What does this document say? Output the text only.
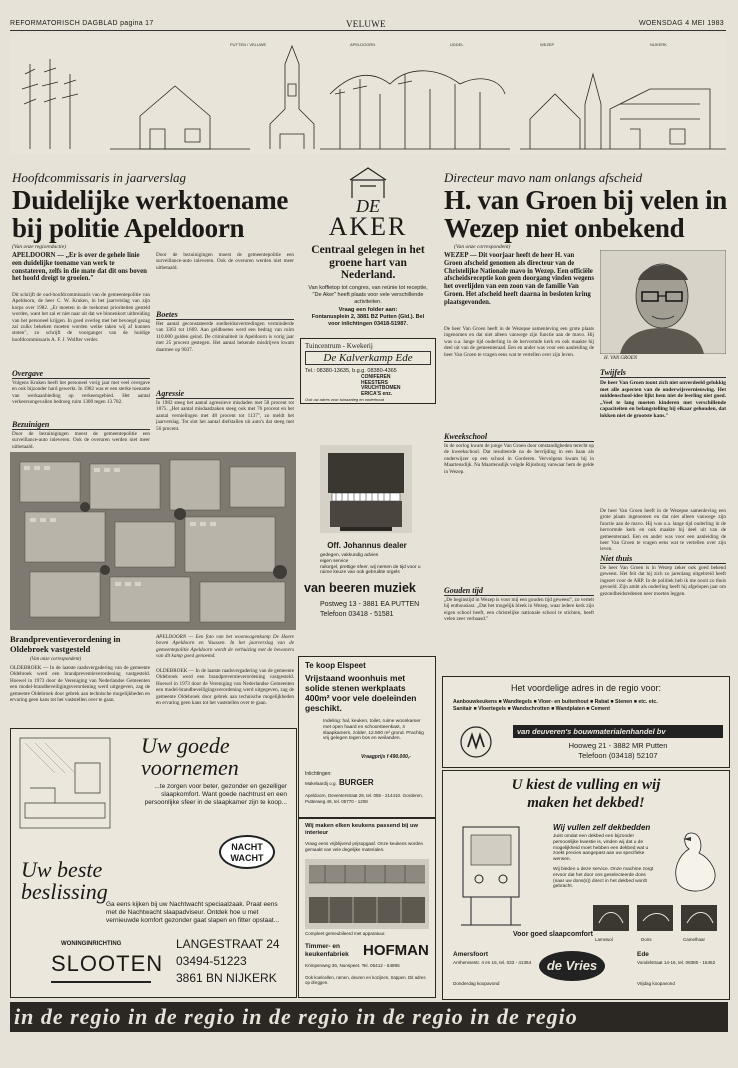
REFORMATORISCH DAGBLAD pagina 17	VELUWE	WOENSDAG 4 MEI 1983
PUTTEN / VELUWE	APELDOORN	UDDEL	WEZEP	NIJKERK
Hoofdcommissaris in jaarverslag
Duidelijke werktoename bij politie Apeldoorn
(Van onze regioredactie)
APELDOORN — „Er is over de gehele linie een duidelijke toename van werk te constateren, zelfs in die mate dat dit ons boven het hoofd dreigt te groeien."
Dit schrijft de oud-hoofdcommissaris van de gemeentepolitie van Apeldoorn, de heer C. W. Kruken, in het jaarverslag van zijn korps over 1982. „Er moeten in de toekomst prioriteiten gesteld worden, want het zal er niet naar uit dat we binnenkort uitbreiding van het personeel krijgen. In goed overleg met het bevoegd gezag zal zulks bekeken moeten worden welke taken wij af kunnen stoten", zo schrijft de voorganger van de huidige hoofdcommissaris A. F. J. Wolfter verder.
Overgave
Volgens Kruken heeft het personeel vorig jaar met veel overgave en ook bijzonder hard gewerkt. In 1982 was er een sterke toename van werkaanbieding op verkeersgebied. Het aantal verkeersongevallen bedroeg ruim 1300 tegen 13.782.
Bezuinigen
Door de bezuinigingen moest de gemeentepolitie een surveillance-auto inleveren. Ook de overuren werden niet meer uitbetaald.
Door de bezuinigingen moest de gemeentepolitie een surveillance-auto inleveren. Ook de overuren werden niet meer uitbetaald.
Boetes
Het aantal geconstateerde snelheidsovertredingen verminderde van 3363 tot 1669. Aan geldboetes werd een bedrag van ruim 110.000 gulden geind. De criminaliteit in Apeldoorn is vorig jaar met 25 procent gestegen. Het aantal bekende misdrijven kwam daarmee op 9037.
Agressie
In 1982 steeg het aantal agressieve misdaden met 58 procent tot 1875. „Het aantal misdaadzaken steeg ook met 76 procent en het aantal vernielingen met 48 procent tot 1137", zo meldt het jaarverslag. Tot slot het aantal diefstallen uit auto's dat steeg met 56 procent.
Brandpreventieverordening in Oldebroek vastgesteld
(Van onze correspondent)
OLDEBROEK — In de laatste raadsvergadering van de gemeente Oldebroek werd een brandpreventieverordening vastgesteld. Hoewel in 1973 door de Vereniging van Nederlandse Gemeenten een model-brandbeveiligingsverordening werd uitgegeven, zag de gemeente Oldebroek door gebrek aan technische mogelijkheden en ervaring geen kans tot het vaststellen over te gaan.
APELDOORN — Een foto van het woonwagenkamp De Haere boven Apeldoorn en Vaassen. In het jaarverslag van de gemeentepolitie Apeldoorn wordt de verhuizing met de bewoners van dit kamp goed genoemd.
OLDEBROEK — In de laatste raadsvergadering van de gemeente Oldebroek werd een brandpreventieverordening vastgesteld. Hoewel in 1973 door de Vereniging van Nederlandse Gemeenten een model-brandbeveiligingsverordening werd uitgegeven, zag de gemeente Oldebroek door gebrek aan technische mogelijkheden en ervaring geen kans tot het vaststellen over te gaan.
Uw goede
voornemen
...te zorgen voor beter, gezonder en gezelliger slaapkomfort. Want goede nachtrust en een persoonlijke sfeer in de slaapkamer zijn te koop...
NACHT
WACHT
Uw beste
beslissing
Ga eens kijken bij uw Nachtwacht speciaalzaak. Praat eens met de Nachtwacht slaapadviseur. Ontdek hoe u met vernieuwde komfort gezonder gaat slapen en fitter opstaat...
WONINGINRICHTING
SLOOTEN
LANGESTRAAT 24
03494-51223
3861 BN NIJKERK
DE
AKER
Centraal gelegen in het groene hart van Nederland.
Van koffietop tot congres, van reünie tot receptie, "De Aker" heeft plaats voor vele verschillende activiteiten.
Vraag een folder aan:
Fontanusplein 2, 3881 BZ Putten (Gld.). Bel voor inlichtingen 03418-51987.
Tuincentrum - Kwekerij
De Kalverkamp Ede
Tel.: 08380-13635, b.g.g. 08380-4365
CONIFEREN
HEESTERS
VRUCHTBOMEN
ERICA'S enz.
Ook uw adres voor tuinaanleg en onderhoud
Off. Johannus dealer
gedegen, vakkundig advies
eigen service
ruilorgel, prettige sfeer, wij nemen de tijd voor u
ruime keuze van ook gebruikte orgels
van beeren muziek
Postweg 13 - 3881 EA PUTTEN
Telefoon 03418 - 51581
Te koop Elspeet
Vrijstaand woonhuis met solide stenen werkplaats 400m² voor vele doeleinden geschikt.
Indeling: hal, keuken, toilet, ruime woonkamer met open haard en schoorsteenkast, 4 slaapkamers, zolder, 12.500 m² grond. Prachtig vrij gelegen tegen bos en weilanden.
Vraagprijs f 490.000,-
Inlichtingen:
Makelaardij o.g. BURGER
Apeldoorn, Deventerstraat 29, tel. 055 - 214410. Gorderen, Putterweg 49, tel. 05770 - 1208
Wij maken elken keukens passend bij uw interieur
Vraag eens vrijblijvend prijsopgaaf. Onze keukens worden gemaakt van vele degelijke materialen.
Compleet gemeubileerd met apparatuur.
Timmer- en
keukenfabriek HOFMAN
Krimpenweg 36, Nunspeet. Tel. 05412 - 54895
Ook koelcellen, ramen, deuren en kozijnen, trappen. Dit adres op dreggen.
Directeur mavo nam onlangs afscheid
H. van Groen bij velen in Wezep niet onbekend
(Van onze correspondent)
WEZEP — Dit voorjaar heeft de heer H. van Groen afscheid genomen als directeur van de Christelijke Nationale mavo in Wezep. Een officiële afscheidsreceptie kon geen doorgang vinden wegens het overlijden van een zoon van de familie Van Groen. Het afscheid heeft daarna in besloten kring plaatsgevonden.
H. VAN GROEN
De heer Van Groen heeft in de Wezepse samenleving een grote plaats ingenomen en dat niet alleen vanwege zijn functie aan de mavo. Hij was o.a. lange tijd ouderling in de hervormde kerk en ook maakte hij deel uit van de gemeenteraad. Een en ander was voor een aanleiding de heer Van Groen te vragen eens wat te vertellen over zijn leven.
Kweekschool
In de oorlog kwam de jonge Van Groen door omstandigheden terecht op de kweekschool. Dat resulteerde na de bevrijding in een baan als onderwijzer op een school in Gorderen. Vervolgens kwam hij in Maartensdijk. Na Maartensdijk volgde Rijnsburg vanwaar hem de gelde in Wezep.
Gouden tijd
„De beginstijd in Wezep is voor mij een gouden tijd geweest", zo vertelt hij enthousiast. „Dat het mogelijk bleek in Wezep, waar iedere kerk zijn eigen school heeft, een christelijke nationale school te stichten, heeft velen zeer verbaasd."
Twijfels
De heer Van Groen toont zich niet onverdeeld gelukkig met alle aspecten van de onderwijsvernieuwing. Het middenschool-idee lijkt hem niet de leerling niet goed. „Veel te lang moeten kinderen met verschillende capaciteiten en belangstelling bij elkaar gehouden, dat lokken niet de grootste kans."
De heer Van Groen heeft in de Wezepse samenleving een grote plaats ingenomen en dat niet alleen vanwege zijn functie aan de mavo. Hij was o.a. lange tijd ouderling in de hervormde kerk en ook maakte hij deel uit van de gemeenteraad. Een en ander was voor een aanleiding de heer Van Groen te vragen eens wat te vertellen over zijn leven.
Niet thuis
De heer Van Groen is in Wezep zeker ook goed bekend geweest. Het feit dat hij zich zo jarenlang uitgebreid heeft ingezet voor de ARP. In de politiek heb ik me nooit zo thuis gevoeld. Zijn ambt als ouderling heeft hij afgelopen jaar om gezondheidsredenen neer moeten leggen.
Het voordelige adres in de regio voor:
Aanbouwkeukens ■ Wandtegels ■ Vloer- en buitenhout ■ Rabat ■ Stenen ■ etc. etc.
Sanitair ■ Vloertegels ■ Wandschrotten ■ Wandplaten ■ Cement
van deuveren's bouwmaterialenhandel bv
Hooweg 21 - 3882 MR Putten
Telefoon (03418) 52107
U kiest de vulling en wij
maken het dekbed!
Wij vullen zelf dekbedden
Juist omdat een dekbed een bijzonder persoonlijke kwestie is, vinden wij dat u de mogelijkheid moet hebben een dekbed wat u zoekt precies aangepast aan uw specifieke wensen.
Wij bieden u deze service. Onze machine zorgt ervoor dat het door ons geselecteerde dons (naar uw dons(s)) direct in het dekbed wordt gebracht.
Lamswol	Dons	Camelhaar
Voor goed slaapcomfort
Amersfoort
Arnhemsestr. 4 en 16, tel. 033 - 41364
Donderdag koopavond
de Vries
Ede
Vondelstraat 14-16, tel. 08380 - 15452
Vrijdag koopavond
in de regio in de regio in de regio in de regio in de regio
